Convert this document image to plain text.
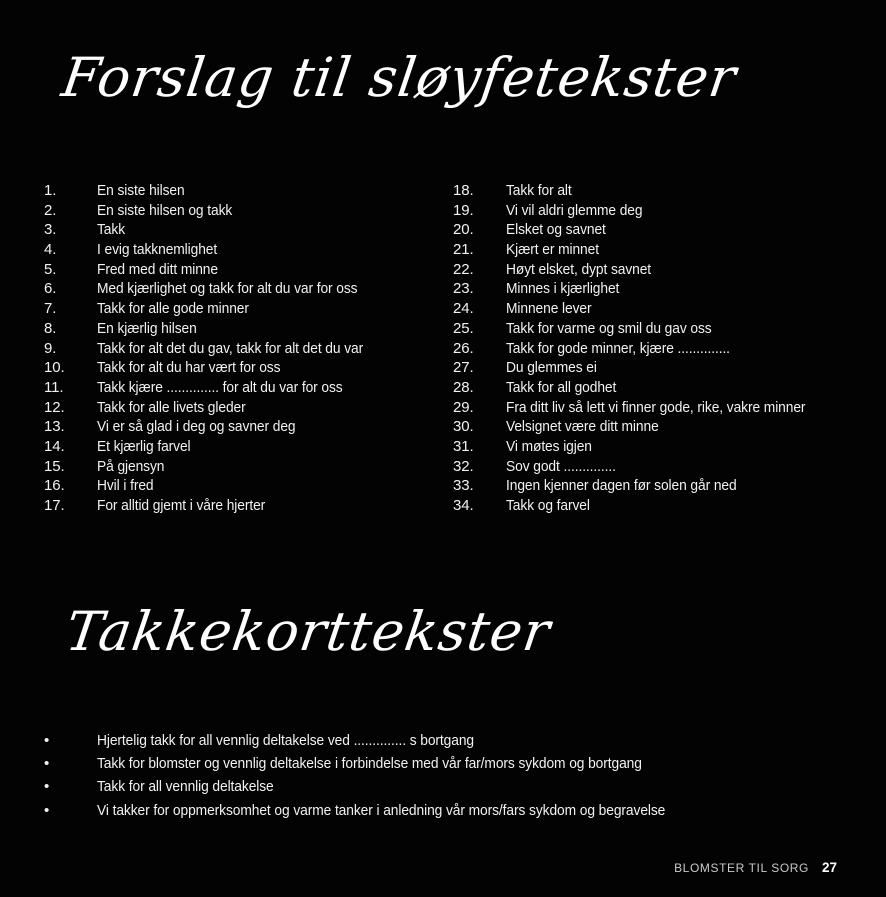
Forslag til sløyfetekster
1.	En siste hilsen
2.	En siste hilsen og takk
3.	Takk
4.	I evig takknemlighet
5.	Fred med ditt minne
6.	Med kjærlighet og takk for alt du var for oss
7.	Takk for alle gode minner
8.	En kjærlig hilsen
9.	Takk for alt det du gav, takk for alt det du var
10.	Takk for alt du har vært for oss
11.	Takk kjære .............. for alt du var for oss
12.	Takk for alle livets gleder
13.	Vi er så glad i deg og savner deg
14.	Et kjærlig farvel
15.	På gjensyn
16.	Hvil i fred
17.	For alltid gjemt i våre hjerter
18.	Takk for alt
19.	Vi vil aldri glemme deg
20.	Elsket og savnet
21.	Kjært er minnet
22.	Høyt elsket, dypt savnet
23.	Minnes i kjærlighet
24.	Minnene lever
25.	Takk for varme og smil du gav oss
26.	Takk for gode minner, kjære ..............
27.	Du glemmes ei
28.	Takk for all godhet
29.	Fra ditt liv så lett vi finner gode, rike, vakre minner
30.	Velsignet være ditt minne
31.	Vi møtes igjen
32.	Sov godt ..............
33.	Ingen kjenner dagen før solen går ned
34.	Takk og farvel
Takkekorttekster
•	Hjertelig takk for all vennlig deltakelse ved .............. s bortgang
•	Takk for blomster og vennlig deltakelse i forbindelse med vår far/mors sykdom og bortgang
•	Takk for all vennlig deltakelse
•	Vi takker for oppmerksomhet og varme tanker i anledning vår mors/fars sykdom og begravelse
BLOMSTER TIL SORG 27
